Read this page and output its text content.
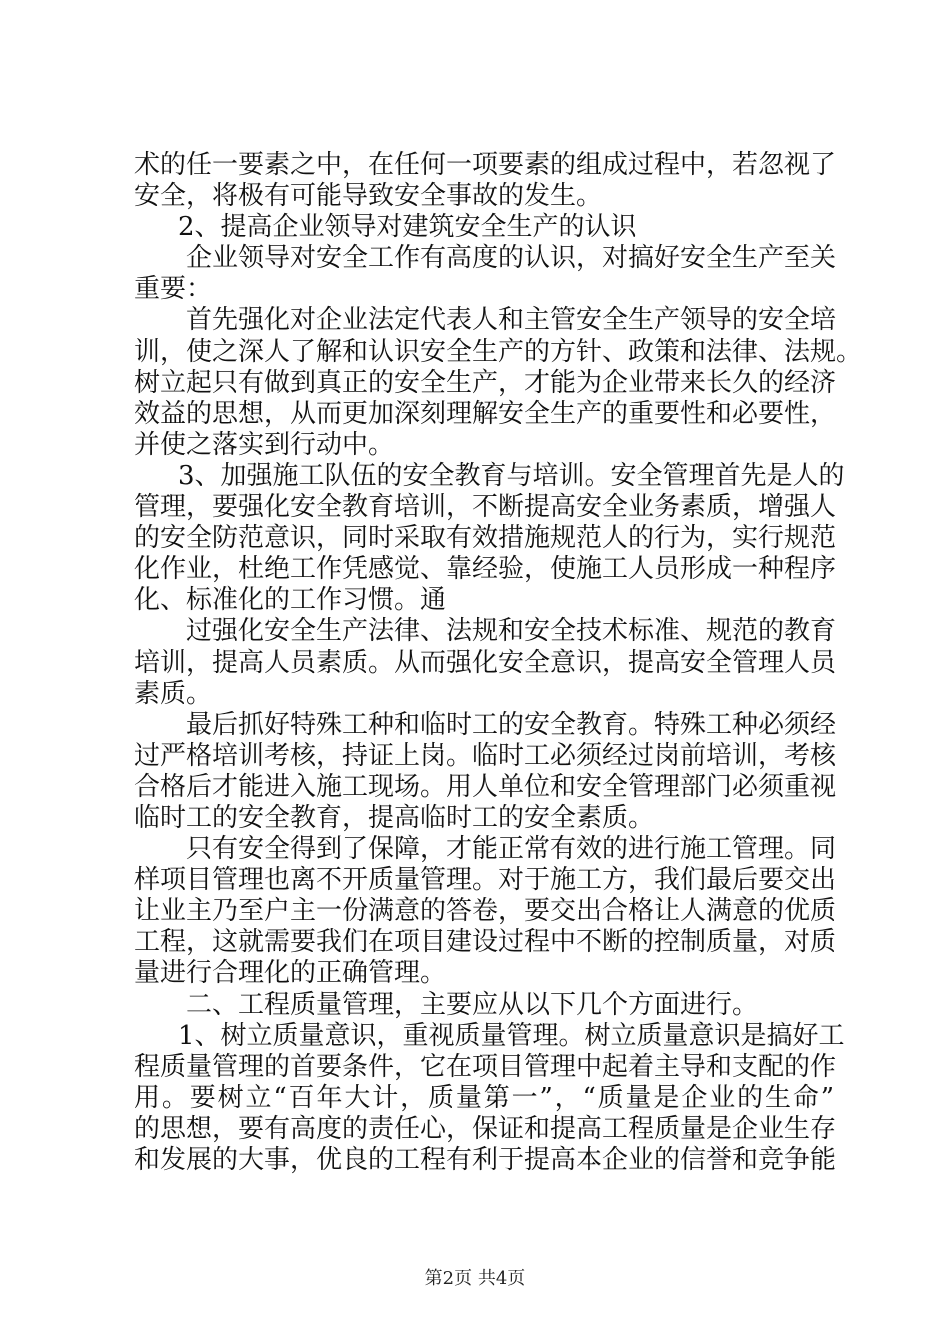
术的任一要素之中，在任何一项要素的组成过程中，若忽视了
安全，将极有可能导致安全事故的发生。
2、提高企业领导对建筑安全生产的认识
企业领导对安全工作有高度的认识，对搞好安全生产至关
重要：
首先强化对企业法定代表人和主管安全生产领导的安全培
训，使之深人了解和认识安全生产的方针、政策和法律、法规。
树立起只有做到真正的安全生产，才能为企业带来长久的经济
效益的思想，从而更加深刻理解安全生产的重要性和必要性，
并使之落实到行动中。
3、加强施工队伍的安全教育与培训。安全管理首先是人的
管理，要强化安全教育培训，不断提高安全业务素质，增强人
的安全防范意识，同时采取有效措施规范人的行为，实行规范
化作业，杜绝工作凭感觉、靠经验，使施工人员形成一种程序
化、标准化的工作习惯。通
过强化安全生产法律、法规和安全技术标准、规范的教育
培训，提高人员素质。从而强化安全意识，提高安全管理人员
素质。
最后抓好特殊工种和临时工的安全教育。特殊工种必须经
过严格培训考核，持证上岗。临时工必须经过岗前培训，考核
合格后才能进入施工现场。用人单位和安全管理部门必须重视
临时工的安全教育，提高临时工的安全素质。
只有安全得到了保障，才能正常有效的进行施工管理。同
样项目管理也离不开质量管理。对于施工方，我们最后要交出
让业主乃至户主一份满意的答卷，要交出合格让人满意的优质
工程，这就需要我们在项目建设过程中不断的控制质量，对质
量进行合理化的正确管理。
二、工程质量管理，主要应从以下几个方面进行。
1、树立质量意识，重视质量管理。树立质量意识是搞好工
程质量管理的首要条件，它在项目管理中起着主导和支配的作
用。要树立“百年大计，质量第一”，“质量是企业的生命”
的思想，要有高度的责任心，保证和提高工程质量是企业生存
和发展的大事，优良的工程有利于提高本企业的信誉和竞争能
第2页 共4页
